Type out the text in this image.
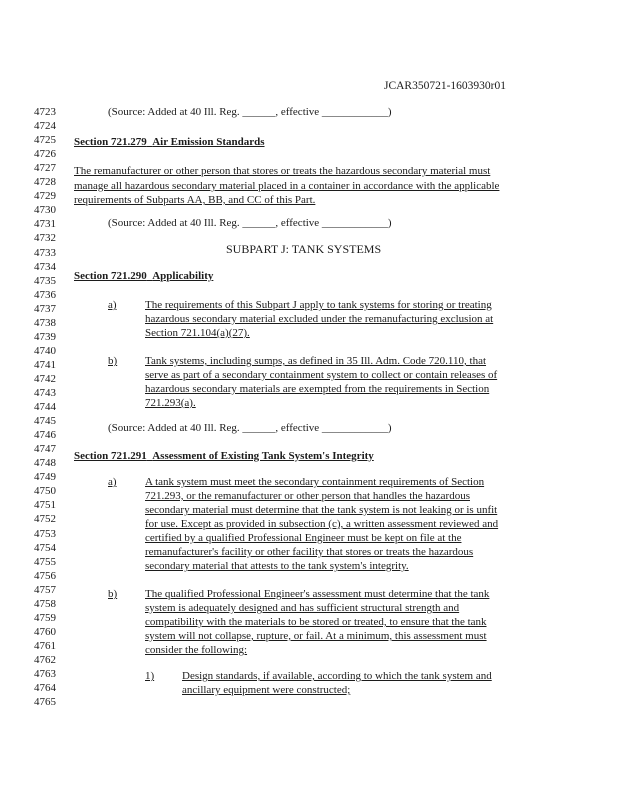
JCAR350721-1603930r01
4723
4724
4725
4726
4727
4728
4729
4730
4731
4732
4733
4734
4735
4736
4737
4738
4739
4740
4741
4742
4743
4744
4745
4746
4747
4748
4749
4750
4751
4752
4753
4754
4755
4756
4757
4758
4759
4760
4761
4762
4763
4764
4765
(Source: Added at 40 Ill. Reg. ______, effective ____________)
Section 721.279 Air Emission Standards
The remanufacturer or other person that stores or treats the hazardous secondary material must
manage all hazardous secondary material placed in a container in accordance with the applicable
requirements of Subparts AA, BB, and CC of this Part.
(Source: Added at 40 Ill. Reg. ______, effective ____________)
SUBPART J: TANK SYSTEMS
Section 721.290 Applicability
a)	The requirements of this Subpart J apply to tank systems for storing or treating
hazardous secondary material excluded under the remanufacturing exclusion at
Section 721.104(a)(27).
b)	Tank systems, including sumps, as defined in 35 Ill. Adm. Code 720.110, that
serve as part of a secondary containment system to collect or contain releases of
hazardous secondary materials are exempted from the requirements in Section
721.293(a).
(Source: Added at 40 Ill. Reg. ______, effective ____________)
Section 721.291 Assessment of Existing Tank System's Integrity
a)	A tank system must meet the secondary containment requirements of Section
721.293, or the remanufacturer or other person that handles the hazardous
secondary material must determine that the tank system is not leaking or is unfit
for use. Except as provided in subsection (c), a written assessment reviewed and
certified by a qualified Professional Engineer must be kept on file at the
remanufacturer's facility or other facility that stores or treats the hazardous
secondary material that attests to the tank system's integrity.
b)	The qualified Professional Engineer's assessment must determine that the tank
system is adequately designed and has sufficient structural strength and
compatibility with the materials to be stored or treated, to ensure that the tank
system will not collapse, rupture, or fail. At a minimum, this assessment must
consider the following:
1)	Design standards, if available, according to which the tank system and
ancillary equipment were constructed;
